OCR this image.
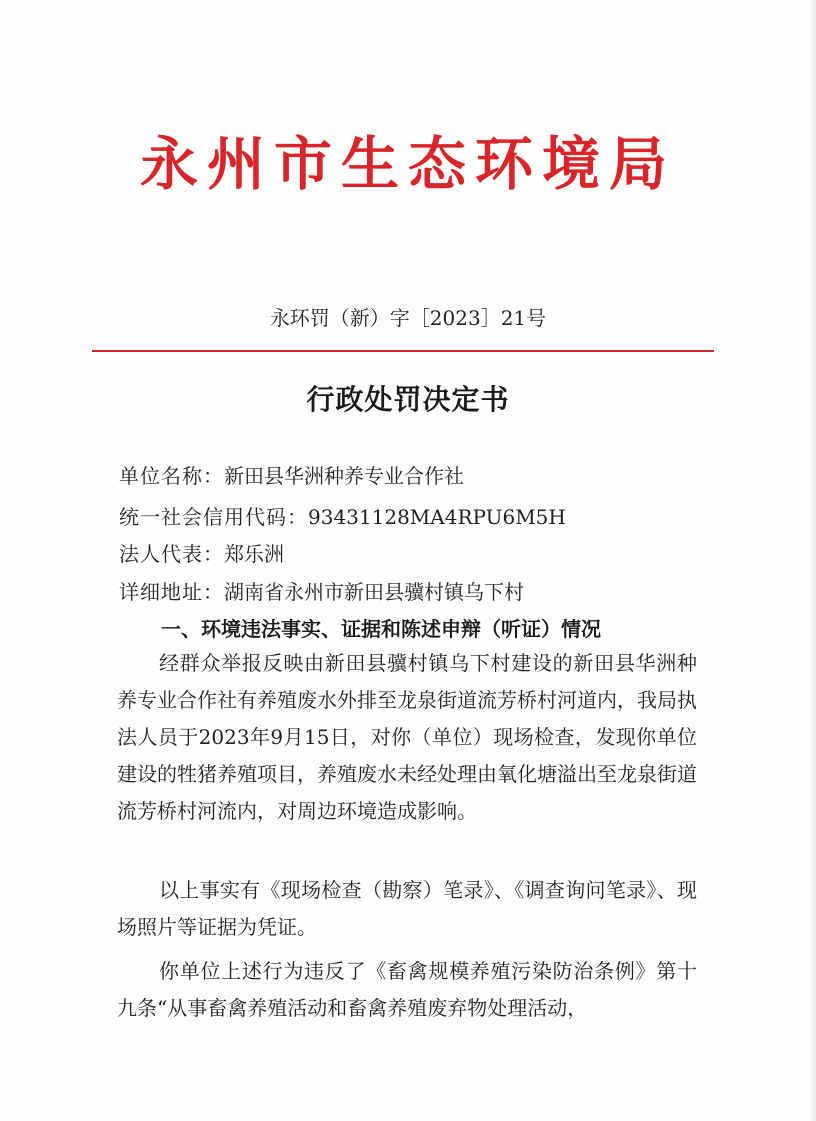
永州市生态环境局
永环罚（新）字［2023］21号
行政处罚决定书
单位名称：新田县华洲种养专业合作社
统一社会信用代码：93431128MA4RPU6M5H
法人代表：郑乐洲
详细地址：湖南省永州市新田县骥村镇乌下村
一、环境违法事实、证据和陈述申辩（听证）情况

经群众举报反映由新田县骥村镇乌下村建设的新田县华洲种养专业合作社有养殖废水外排至龙泉街道流芳桥村河道内，我局执法人员于2023年9月15日，对你（单位）现场检查，发现你单位建设的牲猪养殖项目，养殖废水未经处理由氧化塘溢出至龙泉街道流芳桥村河流内，对周边环境造成影响。

以上事实有《现场检查（勘察）笔录》、《调查询问笔录》、现场照片等证据为凭证。

你单位上述行为违反了《畜禽规模养殖污染防治条例》第十九条“从事畜禽养殖活动和畜禽养殖废弃物处理活动，
